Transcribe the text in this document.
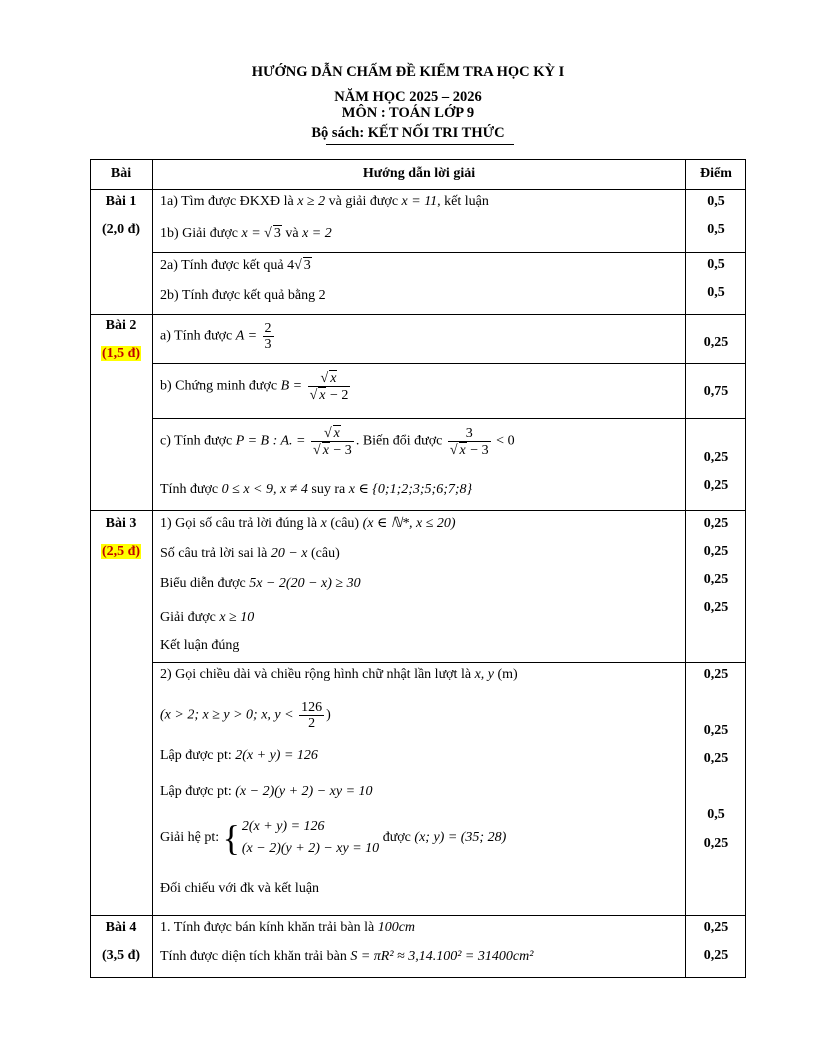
HƯỚNG DẪN CHẤM ĐỀ KIỂM TRA HỌC KỲ I
NĂM HỌC 2025 – 2026
MÔN : TOÁN LỚP 9
Bộ sách: KẾT NỐI TRI THỨC
Bài	Hướng dẫn lời giải	Điểm
Bài 1
(2,0 đ)
1a) Tìm được ĐKXĐ là x ≥ 2 và giải được x = 11, kết luận
1b) Giải được x = √ 3 và x = 2
2a) Tính được kết quả 4√ 3
2b) Tính được kết quả bằng 2
0,5
0,5
0,5
0,5
Bài 2
(1,5 đ)
a) Tính được $A = \frac{2}{3}$
b) Chứng minh được $B = \frac{√ x}{√ x - 2}$
c) Tính được P = B : A. = $\frac{√ x}{√ x - 3}$ . Biến đổi được $\frac{3}{√ x - 3} < 0$
Tính được 0 ≤ x < 9, x ≠ 4 suy ra x ∈ {0;1;2;3;5;6;7;8}
0,25
0,75
0,25
0,25
Bài 3
(2,5 đ)
1) Gọi số câu trả lời đúng là x (câu) (x ∈ ℕ*, x ≤ 20)
Số câu trả lời sai là 20 − x (câu)
Biểu diễn được 5x − 2(20 − x) ≥ 30
Giải được x ≥ 10
Kết luận đúng
0,25
0,25
0,25
0,25
2) Gọi chiều dài và chiều rộng hình chữ nhật lần lượt là x, y (m)
(x > 2; x ≥ y > 0; x, $y < \frac{126}{2}$ )
Lập được pt: 2(x + y) = 126
Lập được pt: (x − 2)(y + 2) − xy = 10
Giải hệ pt: { 2(x + y) = 126
(x − 2)(y + 2) − xy = 10
được (x; y) = (35; 28)
Đối chiếu với đk và kết luận
0,25
0,25
0,25
0,5
0,25
Bài 4
(3,5 đ)
1. Tính được bán kính khăn trải bàn là 100cm
Tính được diện tích khăn trải bàn S = πR² ≈ 3,14.100² = 31400cm²
0,25
0,25
